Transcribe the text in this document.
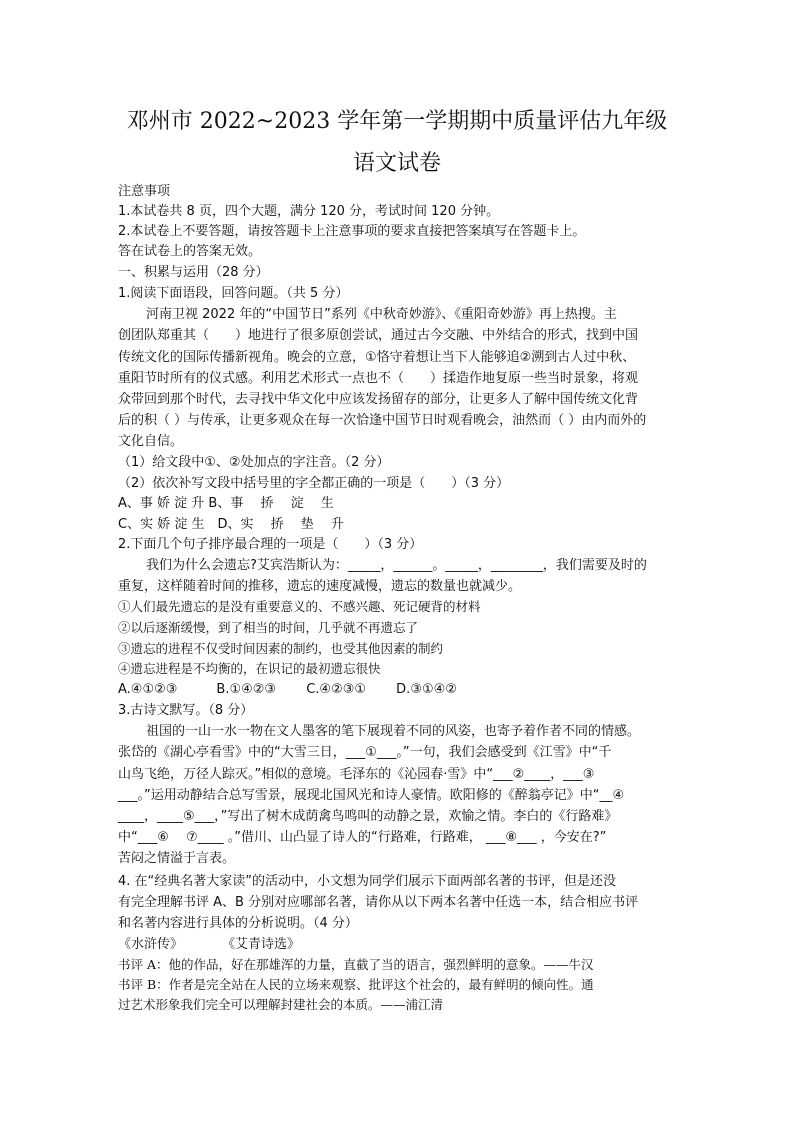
邓州市 2022~2023 学年第一学期期中质量评估九年级
语文试卷
注意事项
1.本试卷共 8 页，四个大题，满分 120 分，考试时间 120 分钟。
2.本试卷上不要答题，请按答题卡上注意事项的要求直接把答案填写在答题卡上。
答在试卷上的答案无效。
一、积累与运用（28 分）
1.阅读下面语段，回答问题。（共 5 分）
河南卫视 2022 年的“中国节日”系列《中秋奇妙游》、《重阳奇妙游》再上热搜。主
创团队郑重其（　　）地进行了很多原创尝试，通过古今交融、中外结合的形式，找到中国
传统文化的国际传播新视角。晚会的立意，①恪守着想让当下人能够追②溯到古人过中秋、
重阳节时所有的仪式感。利用艺术形式一点也不（　　）揉造作地复原一些当时景象，将观
众带回到那个时代，去寻找中华文化中应该发扬留存的部分，让更多人了解中国传统文化背
后的积（ ）与传承，让更多观众在每一次恰逢中国节日时观看晚会，油然而（ ）由内而外的
文化自信。
（1）给文段中①、②处加点的字注音。（2 分）
（2）依次补写文段中括号里的字全都正确的一项是（　　）（3 分）
A、事 娇 淀 升 B、事　 挢　 淀　 生
C、实 娇 淀 生　D、实　 挢　 垫　 升
2.下面几个句子排序最合理的一项是（　　）（3 分）
我们为什么会遗忘?艾宾浩斯认为：_____，______。_____，________，我们需要及时的
重复，这样随着时间的推移，遗忘的速度减慢，遗忘的数量也就减少。
①人们最先遗忘的是没有重要意义的、不感兴趣、死记硬背的材料
②以后逐渐缓慢，到了相当的时间，几乎就不再遗忘了
③遗忘的进程不仅受时间因素的制约，也受其他因素的制约
④遗忘进程是不均衡的，在识记的最初遗忘很快
A.④①②③　　　B.①④②③　　 C.④②③①　　 D.③①④②
3.古诗文默写。（8 分）
祖国的一山一水一物在文人墨客的笔下展现着不同的风姿，也寄予着作者不同的情感。
张岱的《湖心亭看雪》中的“大雪三日，___①___。”一句，我们会感受到《江雪》中“千
山鸟飞绝，万径人踪灭。”相似的意境。毛泽东的《沁园春·雪》中“___②____，___③
___。”运用动静结合总写雪景，展现北国风光和诗人豪情。欧阳修的《醉翁亭记》中“__④
____，____⑤___，”写出了树木成荫禽鸟鸣叫的动静之景，欢愉之情。李白的《行路难》
中“___⑥　 ⑦____ 。”借川、山凸显了诗人的“行路难，行路难， ___⑧___ ，今安在?”
苦闷之情溢于言表。
4. 在“经典名著大家读”的活动中，小文想为同学们展示下面两部名著的书评，但是还没
有完全理解书评 A、B 分别对应哪部名著，请你从以下两本名著中任选一本，结合相应书评
和名著内容进行具体的分析说明。（4 分）
《水浒传》　　　　《艾青诗选》
书评 A：他的作品，好在那雄浑的力量，直截了当的语言，强烈鲜明的意象。——牛汉
书评 B：作者是完全站在人民的立场来观察、批评这个社会的，最有鲜明的倾向性。通
过艺术形象我们完全可以理解封建社会的本质。——浦江清
